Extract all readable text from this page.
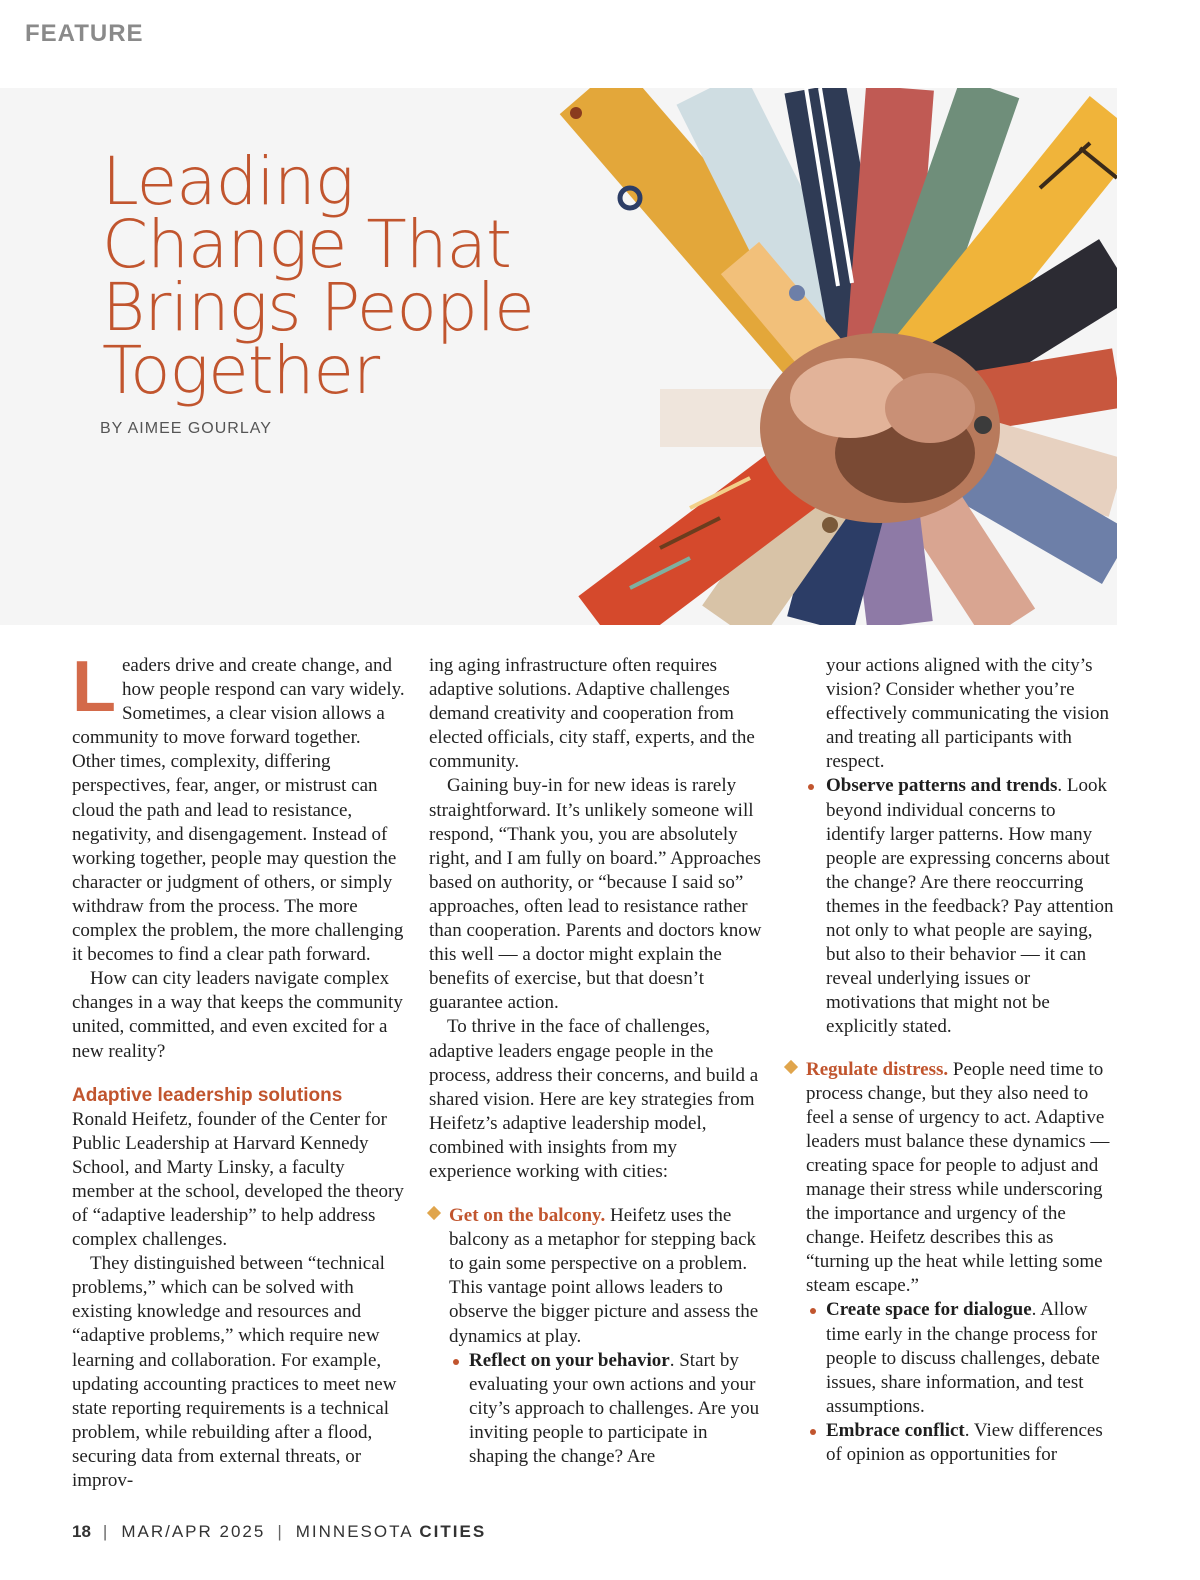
FEATURE
Leading
Change That
Brings People
Together
BY AIMEE GOURLAY

Leaders drive and create change, and how people respond can vary widely. Sometimes, a clear vision allows a community to move forward together. Other times, complexity, differing perspectives, fear, anger, or mistrust can cloud the path and lead to resistance, negativity, and disengagement. Instead of working together, people may question the character or judgment of others, or simply withdraw from the process. The more complex the problem, the more challenging it becomes to find a clear path forward.

How can city leaders navigate complex changes in a way that keeps the community united, committed, and even excited for a new reality?

Adaptive leadership solutions

Ronald Heifetz, founder of the Center for Public Leadership at Harvard Kennedy School, and Marty Linsky, a faculty member at the school, developed the theory of “adaptive leadership” to help address complex challenges.

They distinguished between “technical problems,” which can be solved with existing knowledge and resources and “adaptive problems,” which require new learning and collaboration. For example, updating accounting practices to meet new state reporting requirements is a technical problem, while rebuilding after a flood, securing data from external threats, or improv-

ing aging infrastructure often requires adaptive solutions. Adaptive challenges demand creativity and cooperation from elected officials, city staff, experts, and the community.

Gaining buy-in for new ideas is rarely straightforward. It’s unlikely someone will respond, “Thank you, you are absolutely right, and I am fully on board.” Approaches based on authority, or “because I said so” approaches, often lead to resistance rather than cooperation. Parents and doctors know this well — a doctor might explain the benefits of exercise, but that doesn’t guarantee action.

To thrive in the face of challenges, adaptive leaders engage people in the process, address their concerns, and build a shared vision. Here are key strategies from Heifetz’s adaptive leadership model, combined with insights from my experience working with cities:

Get on the balcony. Heifetz uses the balcony as a metaphor for stepping back to gain some perspective on a problem. This vantage point allows leaders to observe the bigger picture and assess the dynamics at play.
Reflect on your behavior. Start by evaluating your own actions and your city’s approach to challenges. Are you inviting people to participate in shaping the change? Are
your actions aligned with the city’s vision? Consider whether you’re effectively communicating the vision and treating all participants with respect.
Observe patterns and trends. Look beyond individual concerns to identify larger patterns. How many people are expressing concerns about the change? Are there reoccurring themes in the feedback? Pay attention not only to what people are saying, but also to their behavior — it can reveal underlying issues or motivations that might not be explicitly stated.
Regulate distress. People need time to process change, but they also need to feel a sense of urgency to act. Adaptive leaders must balance these dynamics — creating space for people to adjust and manage their stress while underscoring the importance and urgency of the change. Heifetz describes this as “turning up the heat while letting some steam escape.”
Create space for dialogue. Allow time early in the change process for people to discuss challenges, debate issues, share information, and test assumptions.
Embrace conflict. View differences of opinion as opportunities for
18 | MAR/APR 2025 | MINNESOTA CITIES
